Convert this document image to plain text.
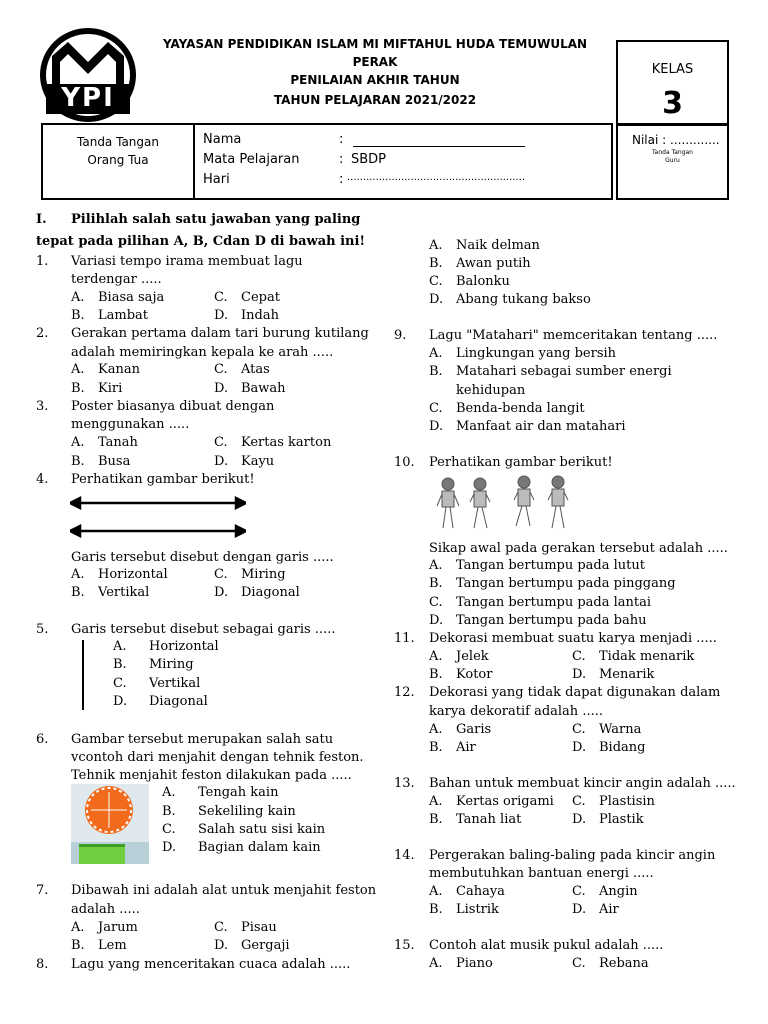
YPI
YAYASAN PENDIDIKAN ISLAM MI MIFTAHUL HUDA TEMUWULAN
PERAK
PENILAIAN AKHIR TAHUN
TAHUN PELAJARAN 2021/2022
KELAS
3
Tanda Tangan
Orang Tua
Nama	:
Mata Pelajaran	: SBDP
Hari	: ........................................................
Nilai : .............
Tanda Tangan
Guru
I. Pilihlah salah satu jawaban yang paling
tepat pada pilihan A, B, Cdan D di bawah ini!
1. Variasi tempo irama membuat lagu
terdengar .....
A. Biasa saja	C. Cepat
B. Lambat	D. Indah
2. Gerakan pertama dalam tari burung kutilang
adalah memiringkan kepala ke arah .....
A. Kanan	C. Atas
B. Kiri	D. Bawah
3. Poster biasanya dibuat dengan
menggunakan .....
A. Tanah	C. Kertas karton
B. Busa	D. Kayu
4. Perhatikan gambar berikut!
Garis tersebut disebut dengan garis .....
A. Horizontal	C. Miring
B. Vertikal	D. Diagonal
5. Garis tersebut disebut sebagai garis .....
A. Horizontal
B. Miring
C. Vertikal
D. Diagonal
6. Gambar tersebut merupakan salah satu
vcontoh dari menjahit dengan tehnik feston.
Tehnik menjahit feston dilakukan pada .....
A. Tengah kain
B. Sekeliling kain
C. Salah satu sisi kain
D. Bagian dalam kain
7. Dibawah ini adalah alat untuk menjahit feston
adalah .....
A. Jarum	C. Pisau
B. Lem	D. Gergaji
8. Lagu yang menceritakan cuaca adalah .....
A. Naik delman
B. Awan putih
C. Balonku
D. Abang tukang bakso
9. Lagu "Matahari" memceritakan tentang .....
A. Lingkungan yang bersih
B. Matahari sebagai sumber energi
kehidupan
C. Benda-benda langit
D. Manfaat air dan matahari
10. Perhatikan gambar berikut!
Sikap awal pada gerakan tersebut adalah .....
A. Tangan bertumpu pada lutut
B. Tangan bertumpu pada pinggang
C. Tangan bertumpu pada lantai
D. Tangan bertumpu pada bahu
11. Dekorasi membuat suatu karya menjadi .....
A. Jelek	C. Tidak menarik
B. Kotor	D. Menarik
12. Dekorasi yang tidak dapat digunakan dalam
karya dekoratif adalah .....
A. Garis	C. Warna
B. Air	D. Bidang
13. Bahan untuk membuat kincir angin adalah .....
A. Kertas origami C. Plastisin
B. Tanah liat	D. Plastik
14. Pergerakan baling-baling pada kincir angin
membutuhkan bantuan energi .....
A. Cahaya	C. Angin
B. Listrik	D. Air
15. Contoh alat musik pukul adalah .....
A. Piano	C. Rebana
